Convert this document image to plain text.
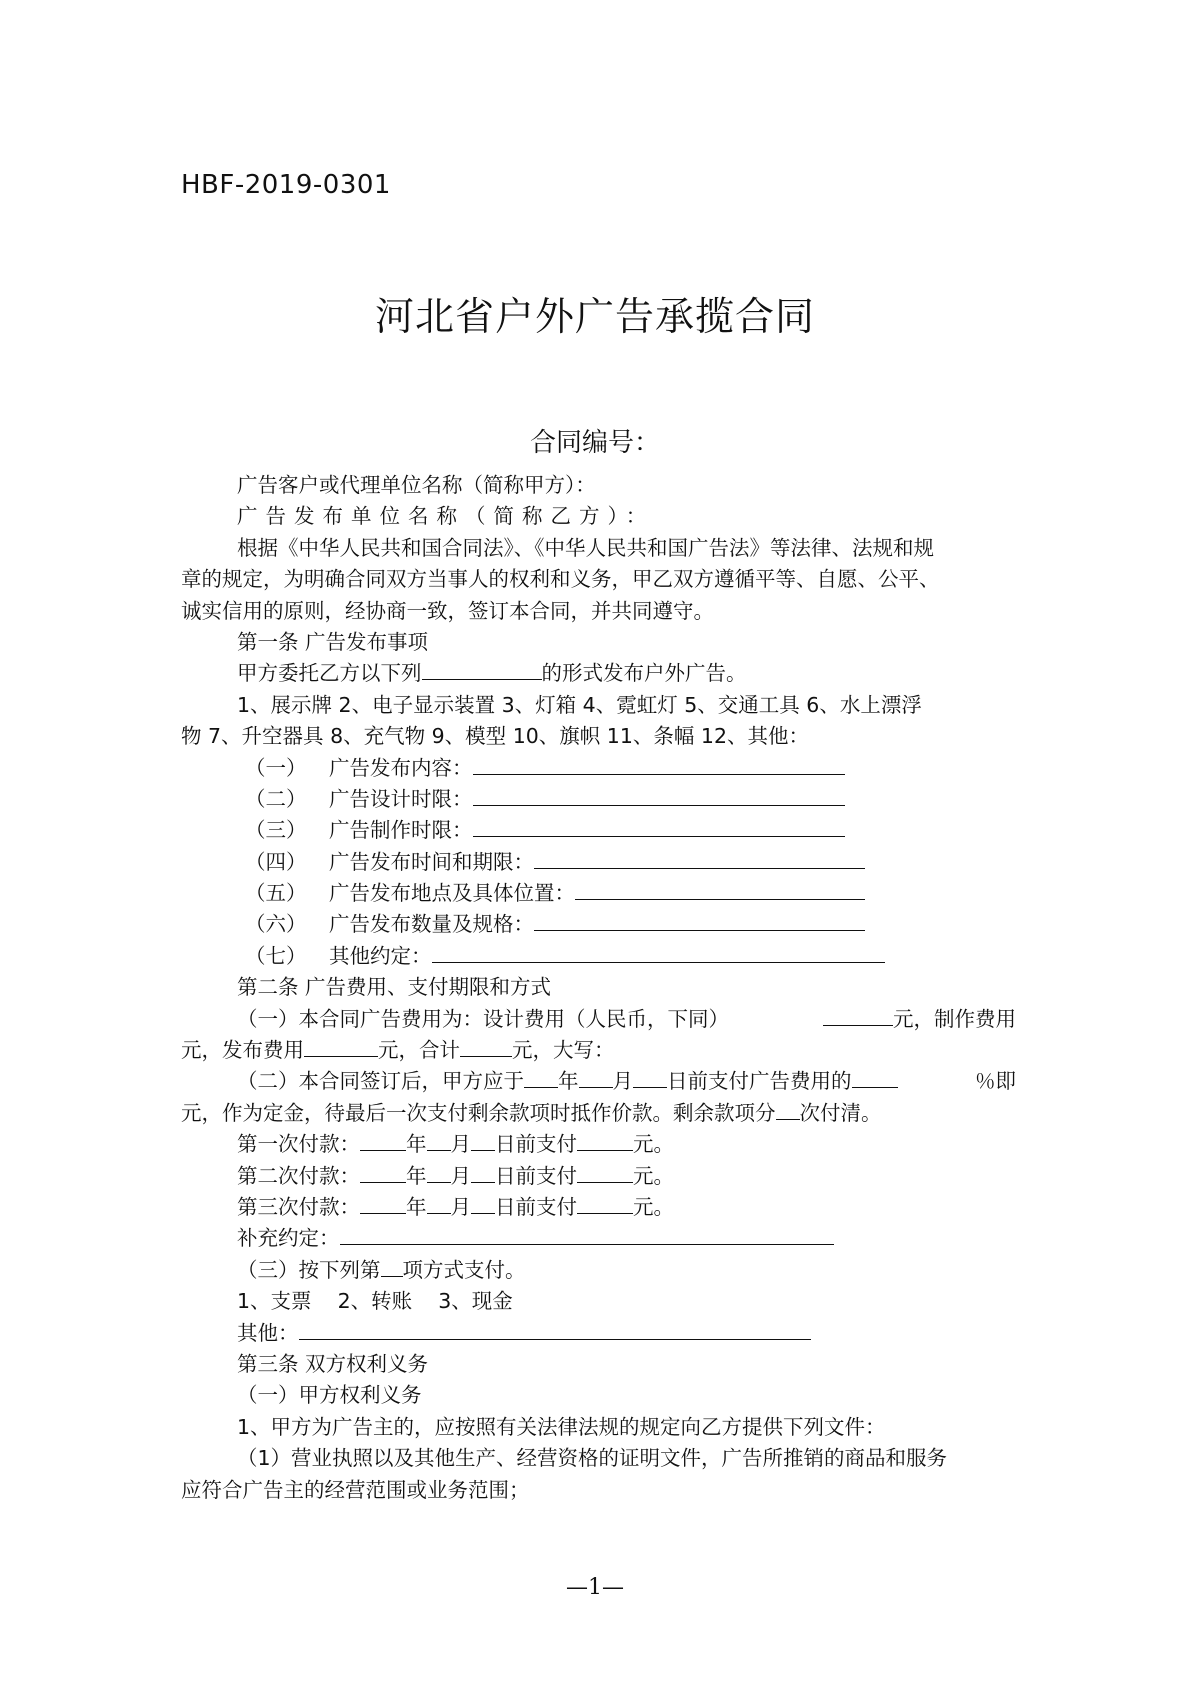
HBF-2019-0301
河北省户外广告承揽合同
合同编号：
广告客户或代理单位名称（简称甲方）：
广告发布单位名称（简称乙方）：
根据《中华人民共和国合同法》、《中华人民共和国广告法》等法律、法规和规
章的规定，为明确合同双方当事人的权利和义务，甲乙双方遵循平等、自愿、公平、
诚实信用的原则，经协商一致，签订本合同，并共同遵守。
第一条 广告发布事项
甲方委托乙方以下列	的形式发布户外广告。
1、展示牌 2、电子显示装置 3、灯箱 4、霓虹灯 5、交通工具 6、水上漂浮
物 7、升空器具 8、充气物 9、模型 10、旗帜 11、条幅 12、其他：
（一）	广告发布内容：
（二）	广告设计时限：
（三）	广告制作时限：
（四）	广告发布时间和期限：
（五）	广告发布地点及具体位置：
（六）	广告发布数量及规格：
（七）	其他约定：
第二条 广告费用、支付期限和方式
（一）本合同广告费用为：设计费用（人民币，下同）	元，制作费用
元，发布费用	元，合计	元，大写：
（二）本合同签订后，甲方应于 年 月 日前支付广告费用的	％即
元，作为定金，待最后一次支付剩余款项时抵作价款。剩余款项分 次付清。
第一次付款： 年 月 日前支付	元。
第二次付款： 年 月 日前支付	元。
第三次付款： 年 月 日前支付	元。
补充约定：
（三）按下列第 项方式支付。
1、支票    2、转账    3、现金
其他：
第三条 双方权利义务
（一）甲方权利义务
1、甲方为广告主的，应按照有关法律法规的规定向乙方提供下列文件：
（1）营业执照以及其他生产、经营资格的证明文件，广告所推销的商品和服务
应符合广告主的经营范围或业务范围；
—1—
